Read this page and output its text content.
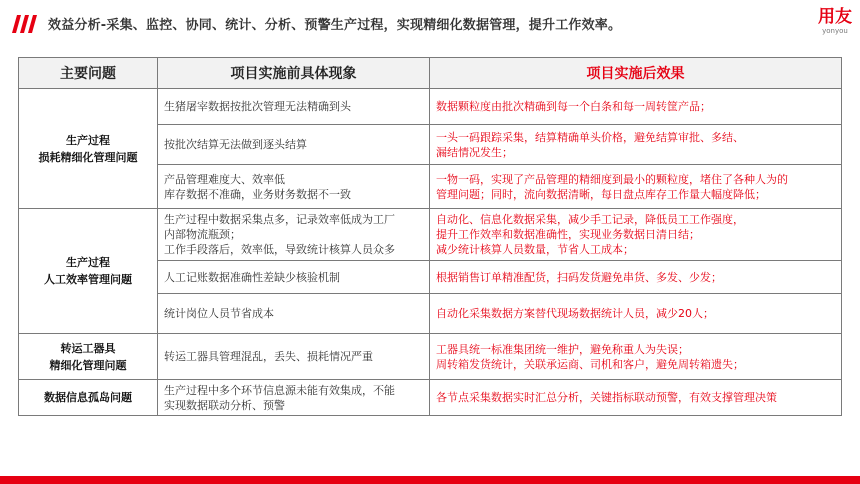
效益分析-采集、监控、协同、统计、分析、预警生产过程，实现精细化数据管理，提升工作效率。	用友
yonyou
主要问题	项目实施前具体现象	项目实施后效果

生产过程
损耗精细化管理问题	生猪屠宰数据按批次管理无法精确到头	数据颗粒度由批次精确到每一个白条和每一周转筐产品；

	按批次结算无法做到逐头结算	一头一码跟踪采集，结算精确单头价格，避免结算审批、多结、
漏结情况发生；

	产品管理难度大、效率低
库存数据不准确，业务财务数据不一致	一物一码，实现了产品管理的精细度到最小的颗粒度，堵住了各种人为的
管理问题；同时，流向数据清晰，每日盘点库存工作量大幅度降低；

生产过程
人工效率管理问题	生产过程中数据采集点多，记录效率低成为工厂
内部物流瓶颈；
工作手段落后，效率低，导致统计核算人员众多	自动化、信息化数据采集，减少手工记录，降低员工工作强度，
提升工作效率和数据准确性，实现业务数据日清日结；
减少统计核算人员数量，节省人工成本；

	人工记账数据准确性差缺少核验机制	根据销售订单精准配货，扫码发货避免串货、多发、少发；

	统计岗位人员节省成本	自动化采集数据方案替代现场数据统计人员，减少20人；

转运工器具
精细化管理问题	转运工器具管理混乱，丢失、损耗情况严重	工器具统一标准集团统一维护，避免称重人为失误；
周转箱发货统计，关联承运商、司机和客户，避免周转箱遗失；

数据信息孤岛问题	生产过程中多个环节信息源未能有效集成，不能
实现数据联动分析、预警	各节点采集数据实时汇总分析，关键指标联动预警，有效支撑管理决策
